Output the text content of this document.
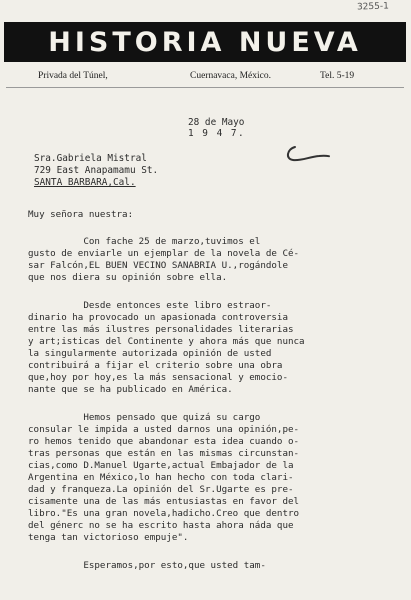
3255-1
HISTORIA NUEVA
Privada del Túnel,	Cuernavaca, México.	Tel. 5-19
28 de Mayo
1 9 4 7.
Sra.Gabriela Mistral
729 East Anapamamu St.
SANTA BARBARA,Cal.
Muy señora nuestra:
Con fache 25 de marzo,tuvimos el
gusto de enviarle un ejemplar de la novela de Cé-
sar Falcón,EL BUEN VECINO SANABRIA U.,rogándole
que nos diera su opinión sobre ella.
Desde entonces este libro estraor-
dinario ha provocado un apasionada controversia
entre las más ilustres personalidades literarias
y art;isticas del Continente y ahora más que nunca
la singularmente autorizada opinión de usted
contribuirá a fijar el criterio sobre una obra
que,hoy por hoy,es la más sensacional y emocio-
nante que se ha publicado en América.
Hemos pensado que quizá su cargo
consular le impida a usted darnos una opinión,pe-
ro hemos tenido que abandonar esta idea cuando o-
tras personas que están en las mismas circunstan-
cias,como D.Manuel Ugarte,actual Embajador de la
Argentina en México,lo han hecho con toda clari-
dad y franqueza.La opinión del Sr.Ugarte es pre-
cisamente una de las más entusiastas en favor del
libro."Es una gran novela,hadicho.Creo que dentro
del génerc no se ha escrito hasta ahora náda que
tenga tan victorioso empuje".
Esperamos,por esto,que usted tam-
